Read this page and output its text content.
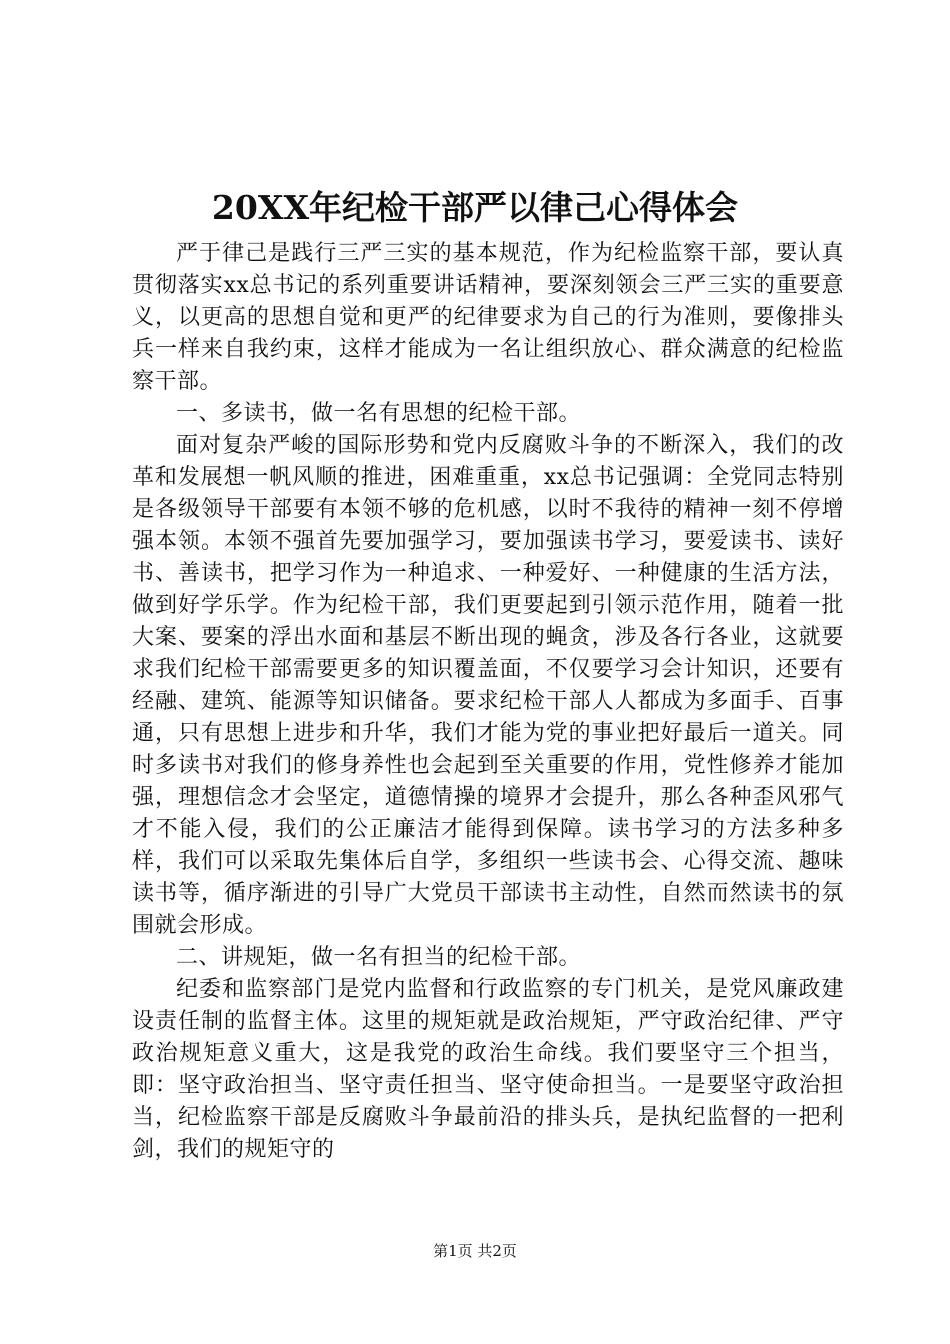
20XX年纪检干部严以律己心得体会

严于律己是践行三严三实的基本规范，作为纪检监察干部，要认真贯彻落实xx总书记的系列重要讲话精神，要深刻领会三严三实的重要意义，以更高的思想自觉和更严的纪律要求为自己的行为准则，要像排头兵一样来自我约束，这样才能成为一名让组织放心、群众满意的纪检监察干部。

一、多读书，做一名有思想的纪检干部。

面对复杂严峻的国际形势和党内反腐败斗争的不断深入，我们的改革和发展想一帆风顺的推进，困难重重，xx总书记强调：全党同志特别是各级领导干部要有本领不够的危机感，以时不我待的精神一刻不停增强本领。本领不强首先要加强学习，要加强读书学习，要爱读书、读好书、善读书，把学习作为一种追求、一种爱好、一种健康的生活方法，做到好学乐学。作为纪检干部，我们更要起到引领示范作用，随着一批大案、要案的浮出水面和基层不断出现的蝇贪，涉及各行各业，这就要求我们纪检干部需要更多的知识覆盖面，不仅要学习会计知识，还要有经融、建筑、能源等知识储备。要求纪检干部人人都成为多面手、百事通，只有思想上进步和升华，我们才能为党的事业把好最后一道关。同时多读书对我们的修身养性也会起到至关重要的作用，党性修养才能加强，理想信念才会坚定，道德情操的境界才会提升，那么各种歪风邪气才不能入侵，我们的公正廉洁才能得到保障。读书学习的方法多种多样，我们可以采取先集体后自学，多组织一些读书会、心得交流、趣味读书等，循序渐进的引导广大党员干部读书主动性，自然而然读书的氛围就会形成。

二、讲规矩，做一名有担当的纪检干部。

纪委和监察部门是党内监督和行政监察的专门机关，是党风廉政建设责任制的监督主体。这里的规矩就是政治规矩，严守政治纪律、严守政治规矩意义重大，这是我党的政治生命线。我们要坚守三个担当，即：坚守政治担当、坚守责任担当、坚守使命担当。一是要坚守政治担当，纪检监察干部是反腐败斗争最前沿的排头兵，是执纪监督的一把利剑，我们的规矩守的

第1页 共2页
